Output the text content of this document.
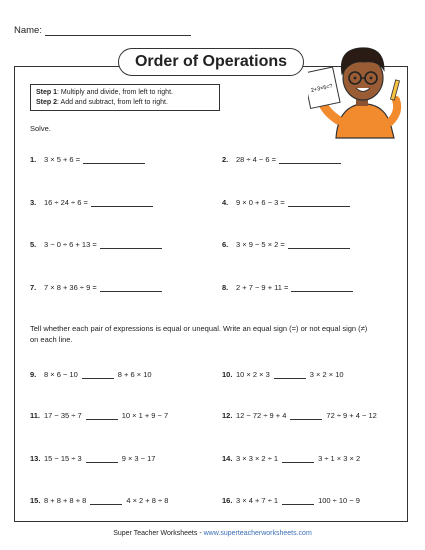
Name:
Order of Operations
2+3×5=?
Step 1: Multiply and divide, from left to right.
Step 2: Add and subtract, from left to right.
Solve.
1. 3 × 5 + 6 =	2. 28 ÷ 4 − 6 =
3. 16 ÷ 24 ÷ 6 =	4. 9 × 0 + 6 − 3 =
5. 3 − 0 ÷ 6 + 13 =	6. 3 × 9 − 5 × 2 =
7. 7 × 8 + 36 ÷ 9 =	8. 2 + 7 − 9 + 11 =
Tell whether each pair of expressions is equal or unequal. Write an equal sign (=) or not equal sign (≠) on each line.
9. 8 × 6 − 10	8 + 6 × 10	10. 10 × 2 × 3	3 × 2 × 10
11. 17 − 35 ÷ 7	10 × 1 + 9 − 7	12. 12 − 72 ÷ 9 + 4	72 ÷ 9 + 4 − 12
13. 15 − 15 ÷ 3	9 × 3 − 17	14. 3 × 3 × 2 ÷ 1	3 ÷ 1 × 3 × 2
15. 8 + 8 + 8 + 8	4 × 2 + 8 ÷ 8	16. 3 × 4 + 7 ÷ 1	100 ÷ 10 − 9
Super Teacher Worksheets - www.superteacherworksheets.com
